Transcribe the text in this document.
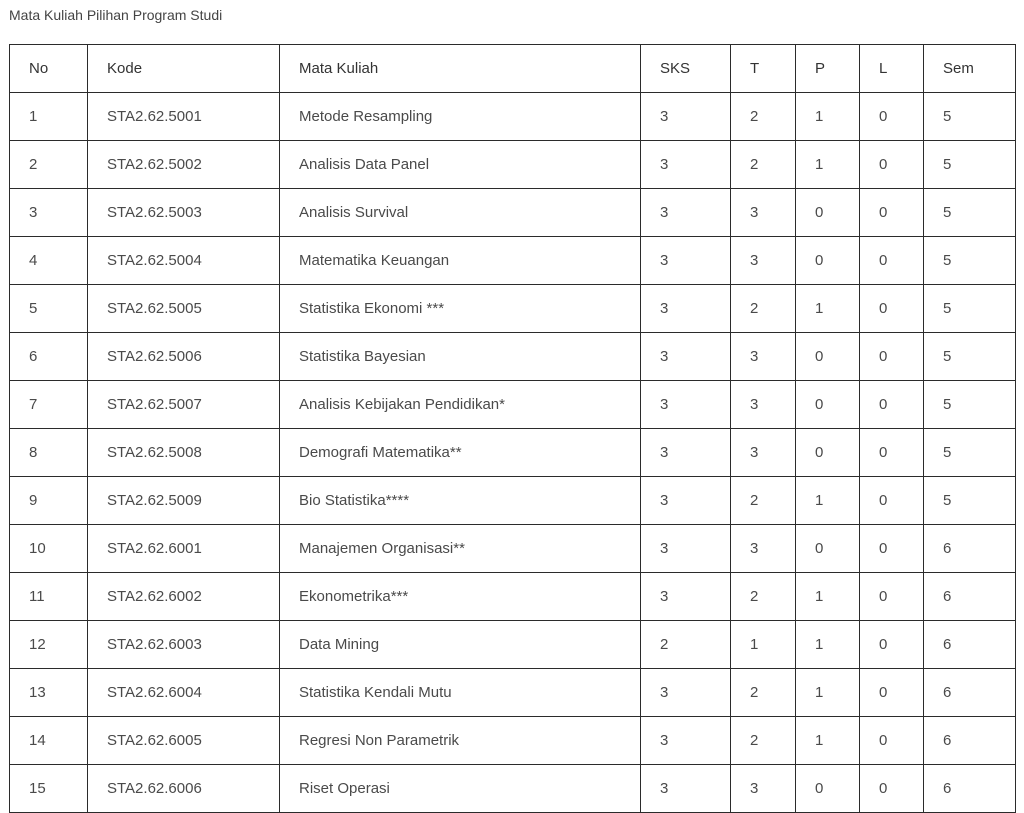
Mata Kuliah Pilihan Program Studi
No	Kode	Mata Kuliah	SKS	T	P	L	Sem
1	STA2.62.5001	Metode Resampling	3	2	1	0	5
2	STA2.62.5002	Analisis Data Panel	3	2	1	0	5
3	STA2.62.5003	Analisis Survival	3	3	0	0	5
4	STA2.62.5004	Matematika Keuangan	3	3	0	0	5
5	STA2.62.5005	Statistika Ekonomi ***	3	2	1	0	5
6	STA2.62.5006	Statistika Bayesian	3	3	0	0	5
7	STA2.62.5007	Analisis Kebijakan Pendidikan*	3	3	0	0	5
8	STA2.62.5008	Demografi Matematika**	3	3	0	0	5
9	STA2.62.5009	Bio Statistika****	3	2	1	0	5
10	STA2.62.6001	Manajemen Organisasi**	3	3	0	0	6
11	STA2.62.6002	Ekonometrika***	3	2	1	0	6
12	STA2.62.6003	Data Mining	2	1	1	0	6
13	STA2.62.6004	Statistika Kendali Mutu	3	2	1	0	6
14	STA2.62.6005	Regresi Non Parametrik	3	2	1	0	6
15	STA2.62.6006	Riset Operasi	3	3	0	0	6
